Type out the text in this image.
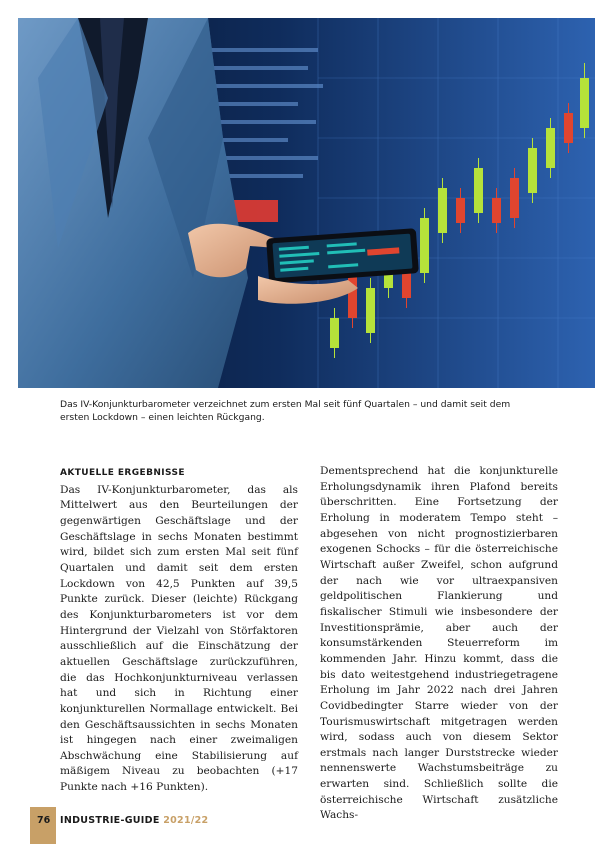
Das IV-Konjunkturbarometer verzeichnet zum ersten Mal seit fünf Quartalen – und damit seit dem ersten Lockdown – einen leichten Rückgang.
AKTUELLE ERGEBNISSE

Das IV-Konjunkturbarometer, das als Mittelwert aus den Beurteilungen der gegenwärtigen Geschäftslage und der Geschäftslage in sechs Monaten bestimmt wird, bildet sich zum ersten Mal seit fünf Quartalen und damit seit dem ersten Lockdown von 42,5 Punkten auf 39,5 Punkte zurück. Dieser (leichte) Rückgang des Konjunkturbarometers ist vor dem Hintergrund der Vielzahl von Störfaktoren ausschließlich auf die Einschätzung der aktuellen Geschäftslage zurückzuführen, die das Hochkonjunkturniveau verlassen hat und sich in Richtung einer konjunkturellen Normallage entwickelt. Bei den Geschäftsaussichten in sechs Monaten ist hingegen nach einer zweimaligen Abschwächung eine Stabilisierung auf mäßigem Niveau zu beobachten (+17 Punkte nach +16 Punkten).

Dementsprechend hat die konjunkturelle Erholungsdynamik ihren Plafond bereits überschritten. Eine Fortsetzung der Erholung in moderatem Tempo steht – abgesehen von nicht prognostizierbaren exogenen Schocks – für die österreichische Wirtschaft außer Zweifel, schon aufgrund der nach wie vor ultraexpansiven geldpolitischen Flankierung und fiskalischer Stimuli wie insbesondere der Investitionsprämie, aber auch der konsumstärkenden Steuerreform im kommenden Jahr. Hinzu kommt, dass die bis dato weitestgehend industriegetragene Erholung im Jahr 2022 nach drei Jahren Covidbedingter Starre wieder von der Tourismuswirtschaft mitgetragen werden wird, sodass auch von diesem Sektor erstmals nach langer Durststrecke wieder nennenswerte Wachstumsbeiträge zu erwarten sind. Schließlich sollte die österreichische Wirtschaft zusätzliche Wachs-

76 INDUSTRIE-GUIDE 2021/22
